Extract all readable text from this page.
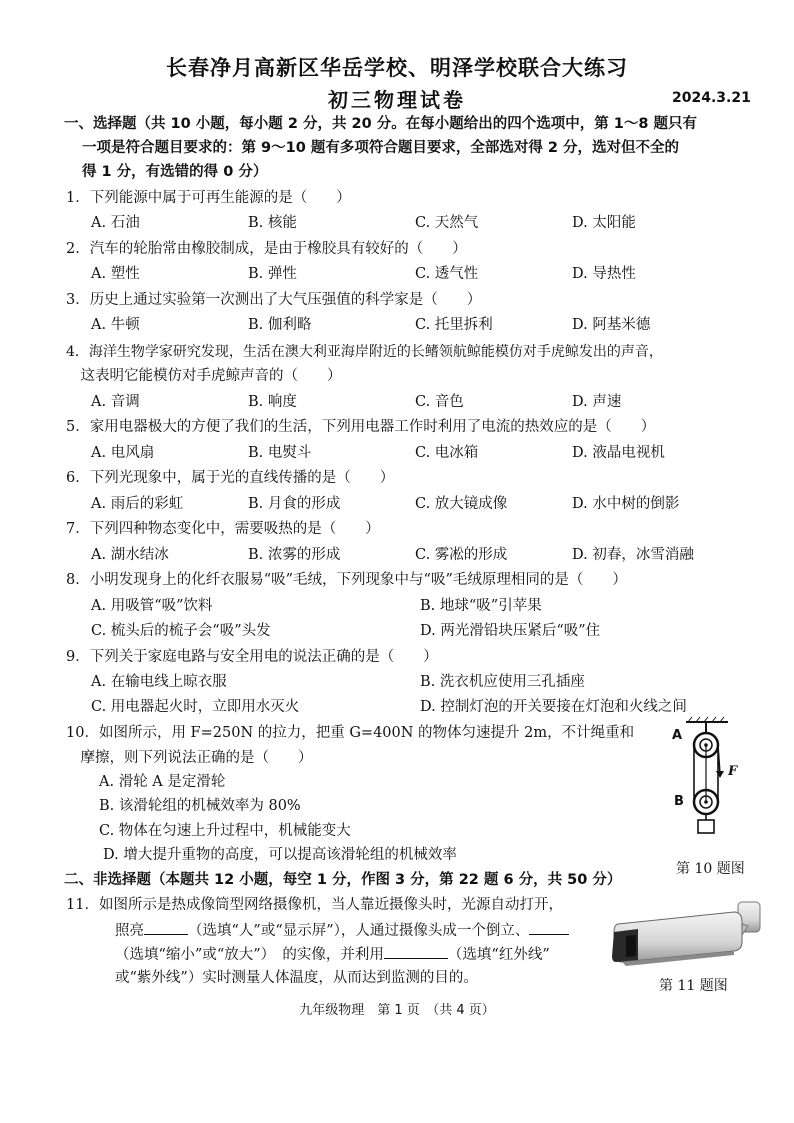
长春净月高新区华岳学校、明泽学校联合大练习
初三物理试卷	2024.3.21
一、选择题（共 10 小题，每小题 2 分，共 20 分。在每小题给出的四个选项中，第 1～8 题只有
一项是符合题目要求的：第 9～10 题有多项符合题目要求，全部选对得 2 分，选对但不全的
得 1 分，有选错的得 0 分）
1．下列能源中属于可再生能源的是（　　）
A. 石油	B. 核能	C. 天然气	D. 太阳能
2．汽车的轮胎常由橡胶制成，是由于橡胶具有较好的（　　）
A. 塑性	B. 弹性	C. 透气性	D. 导热性
3．历史上通过实验第一次测出了大气压强值的科学家是（　　）
A. 牛顿	B. 伽利略	C. 托里拆利	D. 阿基米德
4．海洋生物学家研究发现，生活在澳大利亚海岸附近的长鳍领航鲸能模仿对手虎鲸发出的声音，
　这表明它能模仿对手虎鲸声音的（　　）
A. 音调	B. 响度	C. 音色	D. 声速
5．家用电器极大的方便了我们的生活，下列用电器工作时利用了电流的热效应的是（　　）
A. 电风扇	B. 电熨斗	C. 电冰箱	D. 液晶电视机
6．下列光现象中，属于光的直线传播的是（　　）
A. 雨后的彩虹	B. 月食的形成	C. 放大镜成像	D. 水中树的倒影
7．下列四种物态变化中，需要吸热的是（　　）
A. 湖水结冰	B. 浓雾的形成	C. 雾凇的形成	D. 初春，冰雪消融
8．小明发现身上的化纤衣服易“吸”毛绒，下列现象中与“吸”毛绒原理相同的是（　　）
A. 用吸管“吸”饮料	B. 地球“吸”引苹果
C. 梳头后的梳子会“吸”头发	D. 两光滑铅块压紧后“吸”住
9．下列关于家庭电路与安全用电的说法正确的是（　　）
A. 在输电线上晾衣服	B. 洗衣机应使用三孔插座
C. 用电器起火时，立即用水灭火	D. 控制灯泡的开关要接在灯泡和火线之间
10．如图所示，用 F=250N 的拉力，把重 G=400N 的物体匀速提升 2m，不计绳重和
　摩擦，则下列说法正确的是（　　）
A. 滑轮 A 是定滑轮
B. 该滑轮组的机械效率为 80%
C. 物体在匀速上升过程中，机械能变大
D. 增大提升重物的高度，可以提高该滑轮组的机械效率
A
B
F
第 10 题图
二、非选择题（本题共 12 小题，每空 1 分，作图 3 分，第 22 题 6 分，共 50 分）
11．如图所示是热成像筒型网络摄像机，当人靠近摄像头时，光源自动打开，
照亮	（选填“人”或“显示屏”），人通过摄像头成一个倒立、
（选填“缩小”或“放大”）　的实像，并利用	（选填“红外线”
或“紫外线”）实时测量人体温度，从而达到监测的目的。	第 11 题图
九年级物理　第 1 页　（共 4 页）
